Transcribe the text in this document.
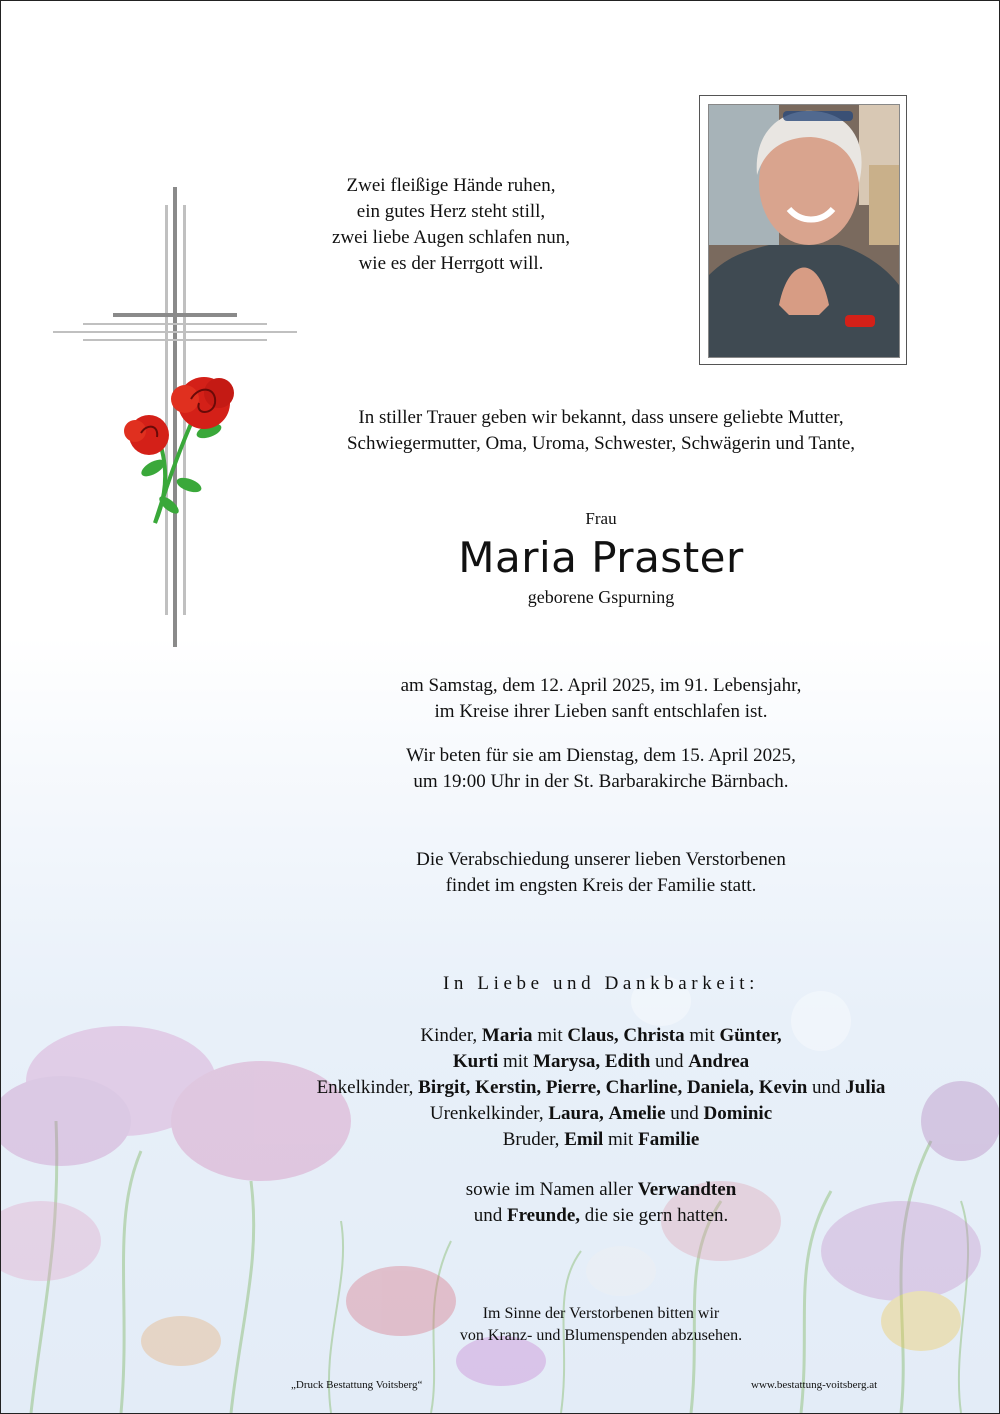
Zwei fleißige Hände ruhen,
ein gutes Herz steht still,
zwei liebe Augen schlafen nun,
wie es der Herrgott will.
In stiller Trauer geben wir bekannt, dass unsere geliebte Mutter,
Schwiegermutter, Oma, Uroma, Schwester, Schwägerin und Tante,
Frau
Maria Praster
geborene Gspurning
am Samstag, dem 12. April 2025, im 91. Lebensjahr,
im Kreise ihrer Lieben sanft entschlafen ist.
Wir beten für sie am Dienstag, dem 15. April 2025,
um 19:00 Uhr in der St. Barbarakirche Bärnbach.
Die Verabschiedung unserer lieben Verstorbenen
findet im engsten Kreis der Familie statt.
In Liebe und Dankbarkeit:
Kinder, Maria mit Claus, Christa mit Günter,
Kurti mit Marysa, Edith und Andrea
Enkelkinder, Birgit, Kerstin, Pierre, Charline, Daniela, Kevin und Julia
Urenkelkinder, Laura, Amelie und Dominic
Bruder, Emil mit Familie
sowie im Namen aller Verwandten
und Freunde, die sie gern hatten.
Im Sinne der Verstorbenen bitten wir
von Kranz- und Blumenspenden abzusehen.
„Druck Bestattung Voitsberg“	www.bestattung-voitsberg.at
